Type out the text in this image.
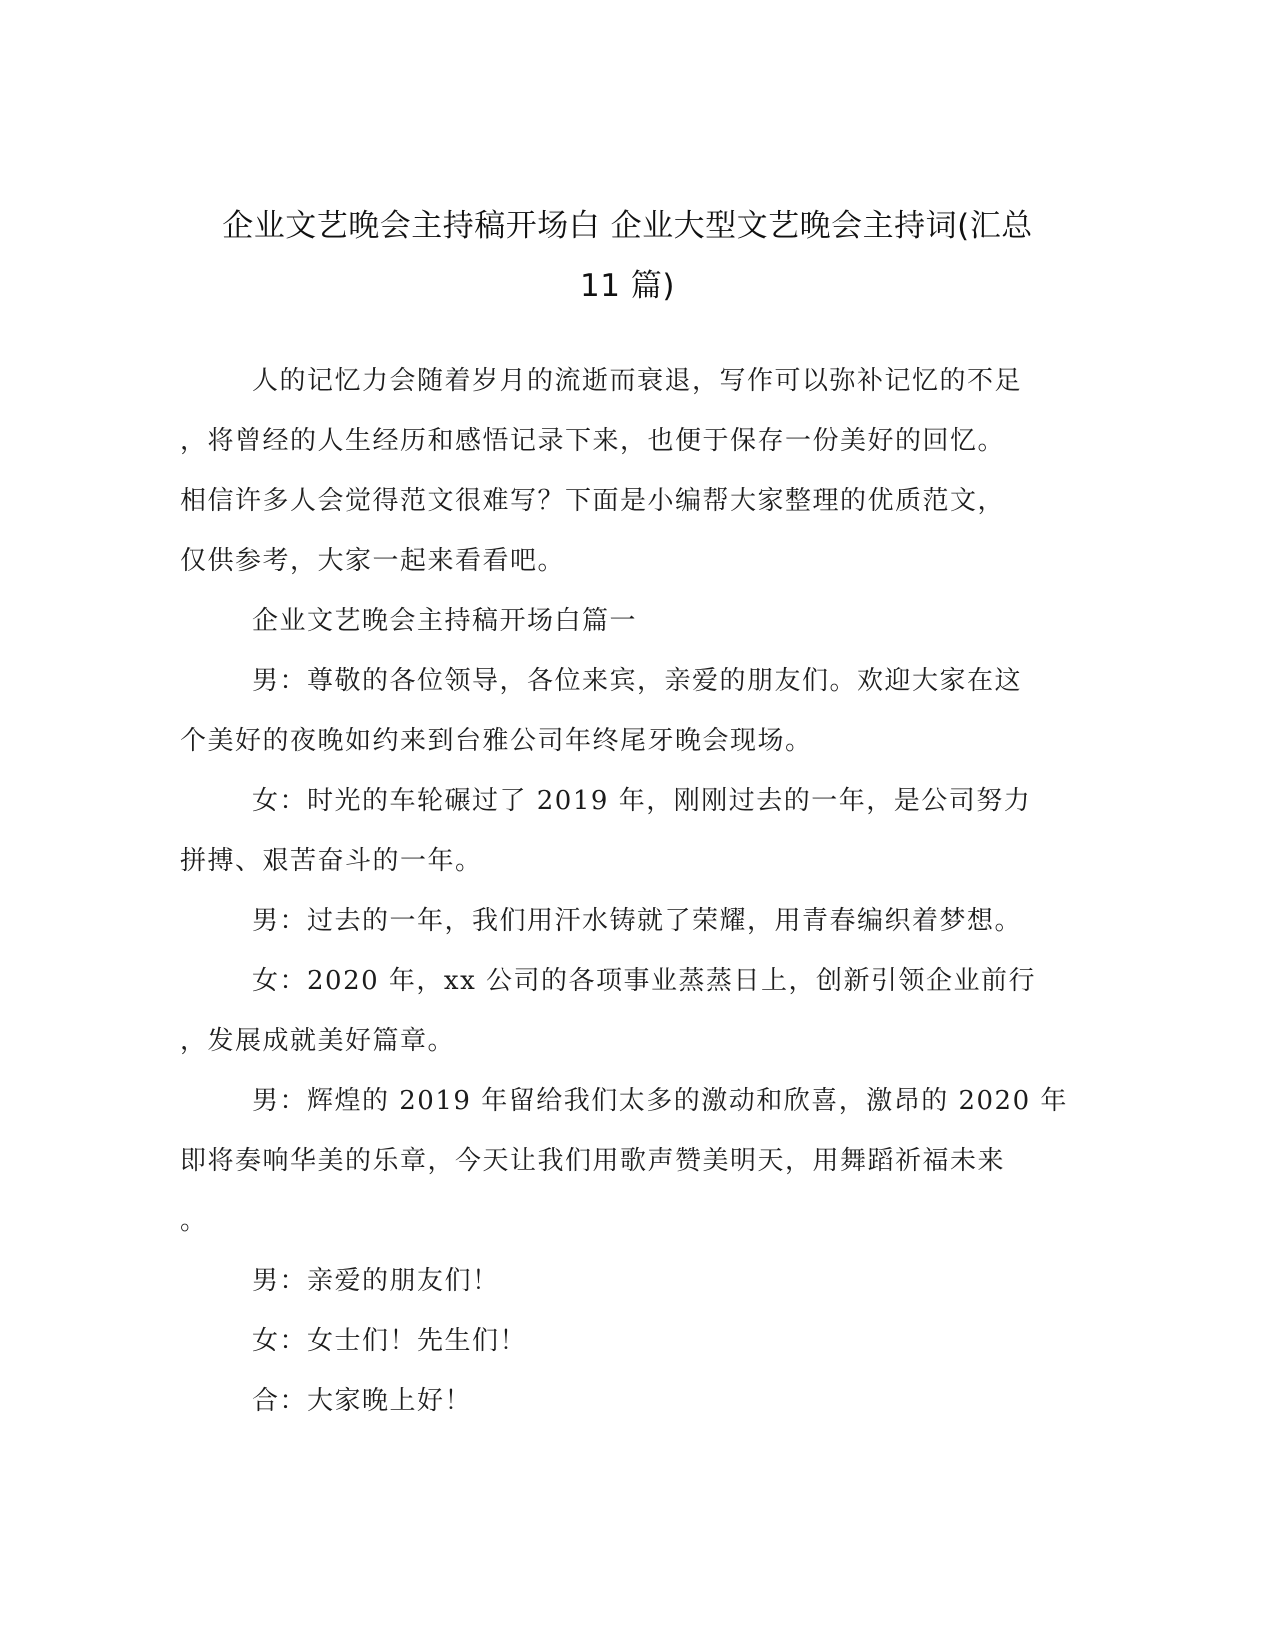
企业文艺晚会主持稿开场白 企业大型文艺晚会主持词(汇总
11 篇)
人的记忆力会随着岁月的流逝而衰退，写作可以弥补记忆的不足
，将曾经的人生经历和感悟记录下来，也便于保存一份美好的回忆。
相信许多人会觉得范文很难写？下面是小编帮大家整理的优质范文，
仅供参考，大家一起来看看吧。
企业文艺晚会主持稿开场白篇一
男：尊敬的各位领导，各位来宾，亲爱的朋友们。欢迎大家在这
个美好的夜晚如约来到台雅公司年终尾牙晚会现场。
女：时光的车轮碾过了 2019 年，刚刚过去的一年，是公司努力
拼搏、艰苦奋斗的一年。
男：过去的一年，我们用汗水铸就了荣耀，用青春编织着梦想。
女：2020 年，xx 公司的各项事业蒸蒸日上，创新引领企业前行
，发展成就美好篇章。
男：辉煌的 2019 年留给我们太多的激动和欣喜，激昂的 2020 年
即将奏响华美的乐章，今天让我们用歌声赞美明天，用舞蹈祈福未来
。
男：亲爱的朋友们！
女：女士们！先生们！
合：大家晚上好！
